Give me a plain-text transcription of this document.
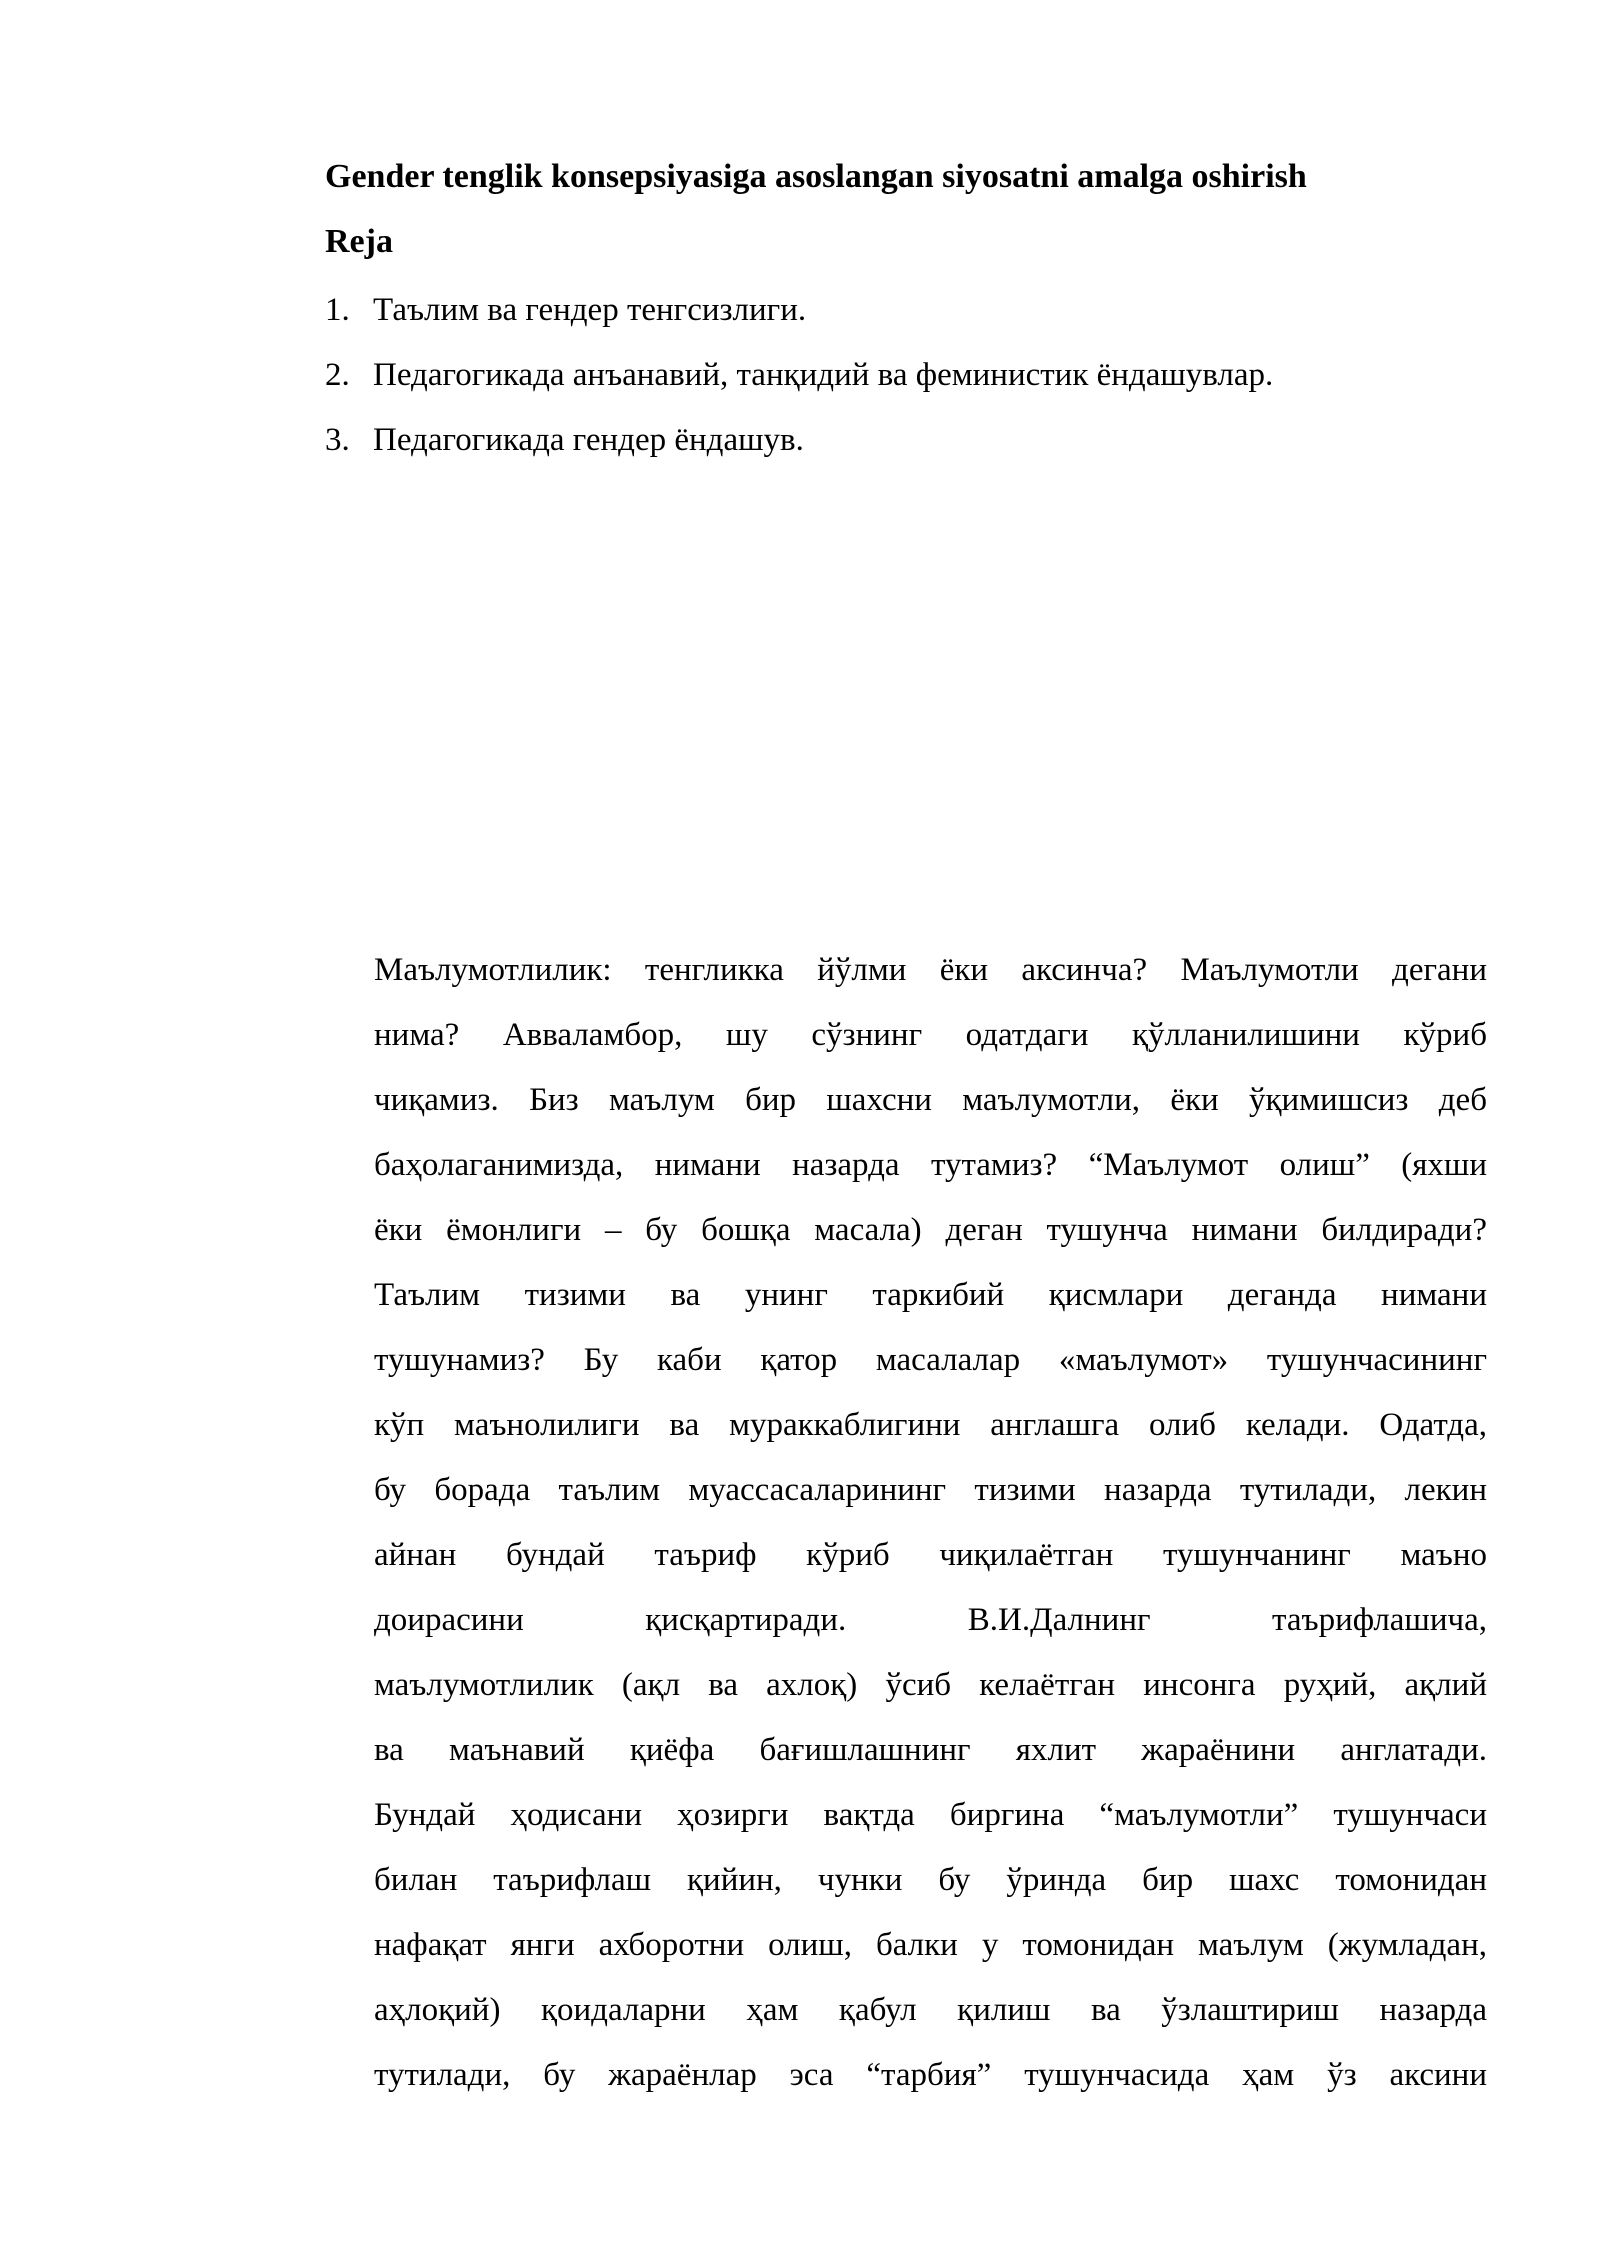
Gender tenglik konsepsiyasiga asoslangan siyosatni amalga oshirish
Reja
1. Таълим ва гендер тенгсизлиги.
2. Педагогикада анъанавий, танқидий ва феминистик ёндашувлар.
3. Педагогикада гендер ёндашув.
Маълумотлилик: тенгликка йўлми ёки аксинча? Маълумотли дегани
нима? Авваламбор, шу сўзнинг одатдаги қўлланилишини кўриб
чиқамиз. Биз маълум бир шахсни маълумотли, ёки ўқимишсиз деб
баҳолаганимизда, нимани назарда тутамиз? “Маълумот олиш” (яхши
ёки ёмонлиги – бу бошқа масала) деган тушунча нимани билдиради?
Таълим тизими ва унинг таркибий қисмлари деганда нимани
тушунамиз? Бу каби қатор масалалар «маълумот» тушунчасининг
кўп маънолилиги ва мураккаблигини англашга олиб келади. Одатда,
бу борада таълим муассасаларининг тизими назарда тутилади, лекин
айнан бундай таъриф кўриб чиқилаётган тушунчанинг маъно
доирасини қисқартиради. В.И.Далнинг таърифлашича,
маълумотлилик (ақл ва ахлоқ) ўсиб келаётган инсонга руҳий, ақлий
ва маънавий қиёфа бағишлашнинг яхлит жараёнини англатади.
Бундай ҳодисани ҳозирги вақтда биргина “маълумотли” тушунчаси
билан таърифлаш қийин, чунки бу ўринда бир шахс томонидан
нафақат янги ахборотни олиш, балки у томонидан маълум (жумладан,
аҳлоқий) қоидаларни ҳам қабул қилиш ва ўзлаштириш назарда
тутилади, бу жараёнлар эса “тарбия” тушунчасида ҳам ўз аксини
